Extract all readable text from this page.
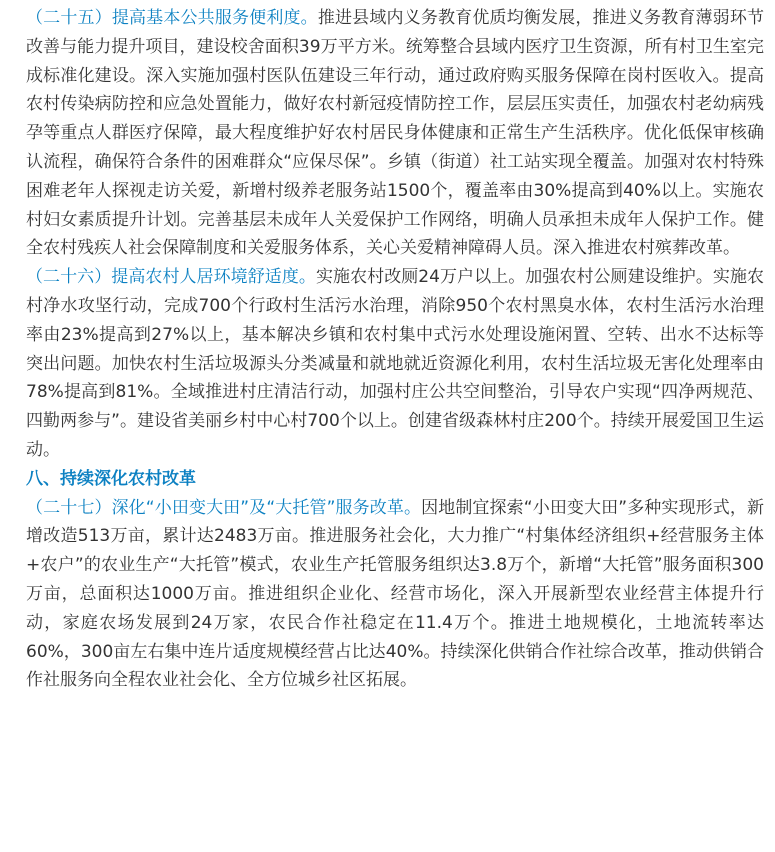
（二十五）提高基本公共服务便利度。推进县域内义务教育优质均衡发展，推进义务教育薄弱环节改善与能力提升项目，建设校舍面积39万平方米。统筹整合县域内医疗卫生资源，所有村卫生室完成标准化建设。深入实施加强村医队伍建设三年行动，通过政府购买服务保障在岗村医收入。提高农村传染病防控和应急处置能力，做好农村新冠疫情防控工作，层层压实责任，加强农村老幼病残孕等重点人群医疗保障，最大程度维护好农村居民身体健康和正常生产生活秩序。优化低保审核确认流程，确保符合条件的困难群众“应保尽保”。乡镇（街道）社工站实现全覆盖。加强对农村特殊困难老年人探视走访关爱，新增村级养老服务站1500个，覆盖率由30%提高到40%以上。实施农村妇女素质提升计划。完善基层未成年人关爱保护工作网络，明确人员承担未成年人保护工作。健全农村残疾人社会保障制度和关爱服务体系，关心关爱精神障碍人员。深入推进农村殡葬改革。

（二十六）提高农村人居环境舒适度。实施农村改厕24万户以上。加强农村公厕建设维护。实施农村净水攻坚行动，完成700个行政村生活污水治理，消除950个农村黑臭水体，农村生活污水治理率由23%提高到27%以上，基本解决乡镇和农村集中式污水处理设施闲置、空转、出水不达标等突出问题。加快农村生活垃圾源头分类减量和就地就近资源化利用，农村生活垃圾无害化处理率由78%提高到81%。全域推进村庄清洁行动，加强村庄公共空间整治，引导农户实现“四净两规范、四勤两参与”。建设省美丽乡村中心村700个以上。创建省级森林村庄200个。持续开展爱国卫生运动。

八、持续深化农村改革

（二十七）深化“小田变大田”及“大托管”服务改革。因地制宜探索“小田变大田”多种实现形式，新增改造513万亩，累计达2483万亩。推进服务社会化，大力推广“村集体经济组织+经营服务主体+农户”的农业生产“大托管”模式，农业生产托管服务组织达3.8万个，新增“大托管”服务面积300万亩，总面积达1000万亩。推进组织企业化、经营市场化，深入开展新型农业经营主体提升行动，家庭农场发展到24万家，农民合作社稳定在11.4万个。推进土地规模化，土地流转率达60%，300亩左右集中连片适度规模经营占比达40%。持续深化供销合作社综合改革，推动供销合作社服务向全程农业社会化、全方位城乡社区拓展。
